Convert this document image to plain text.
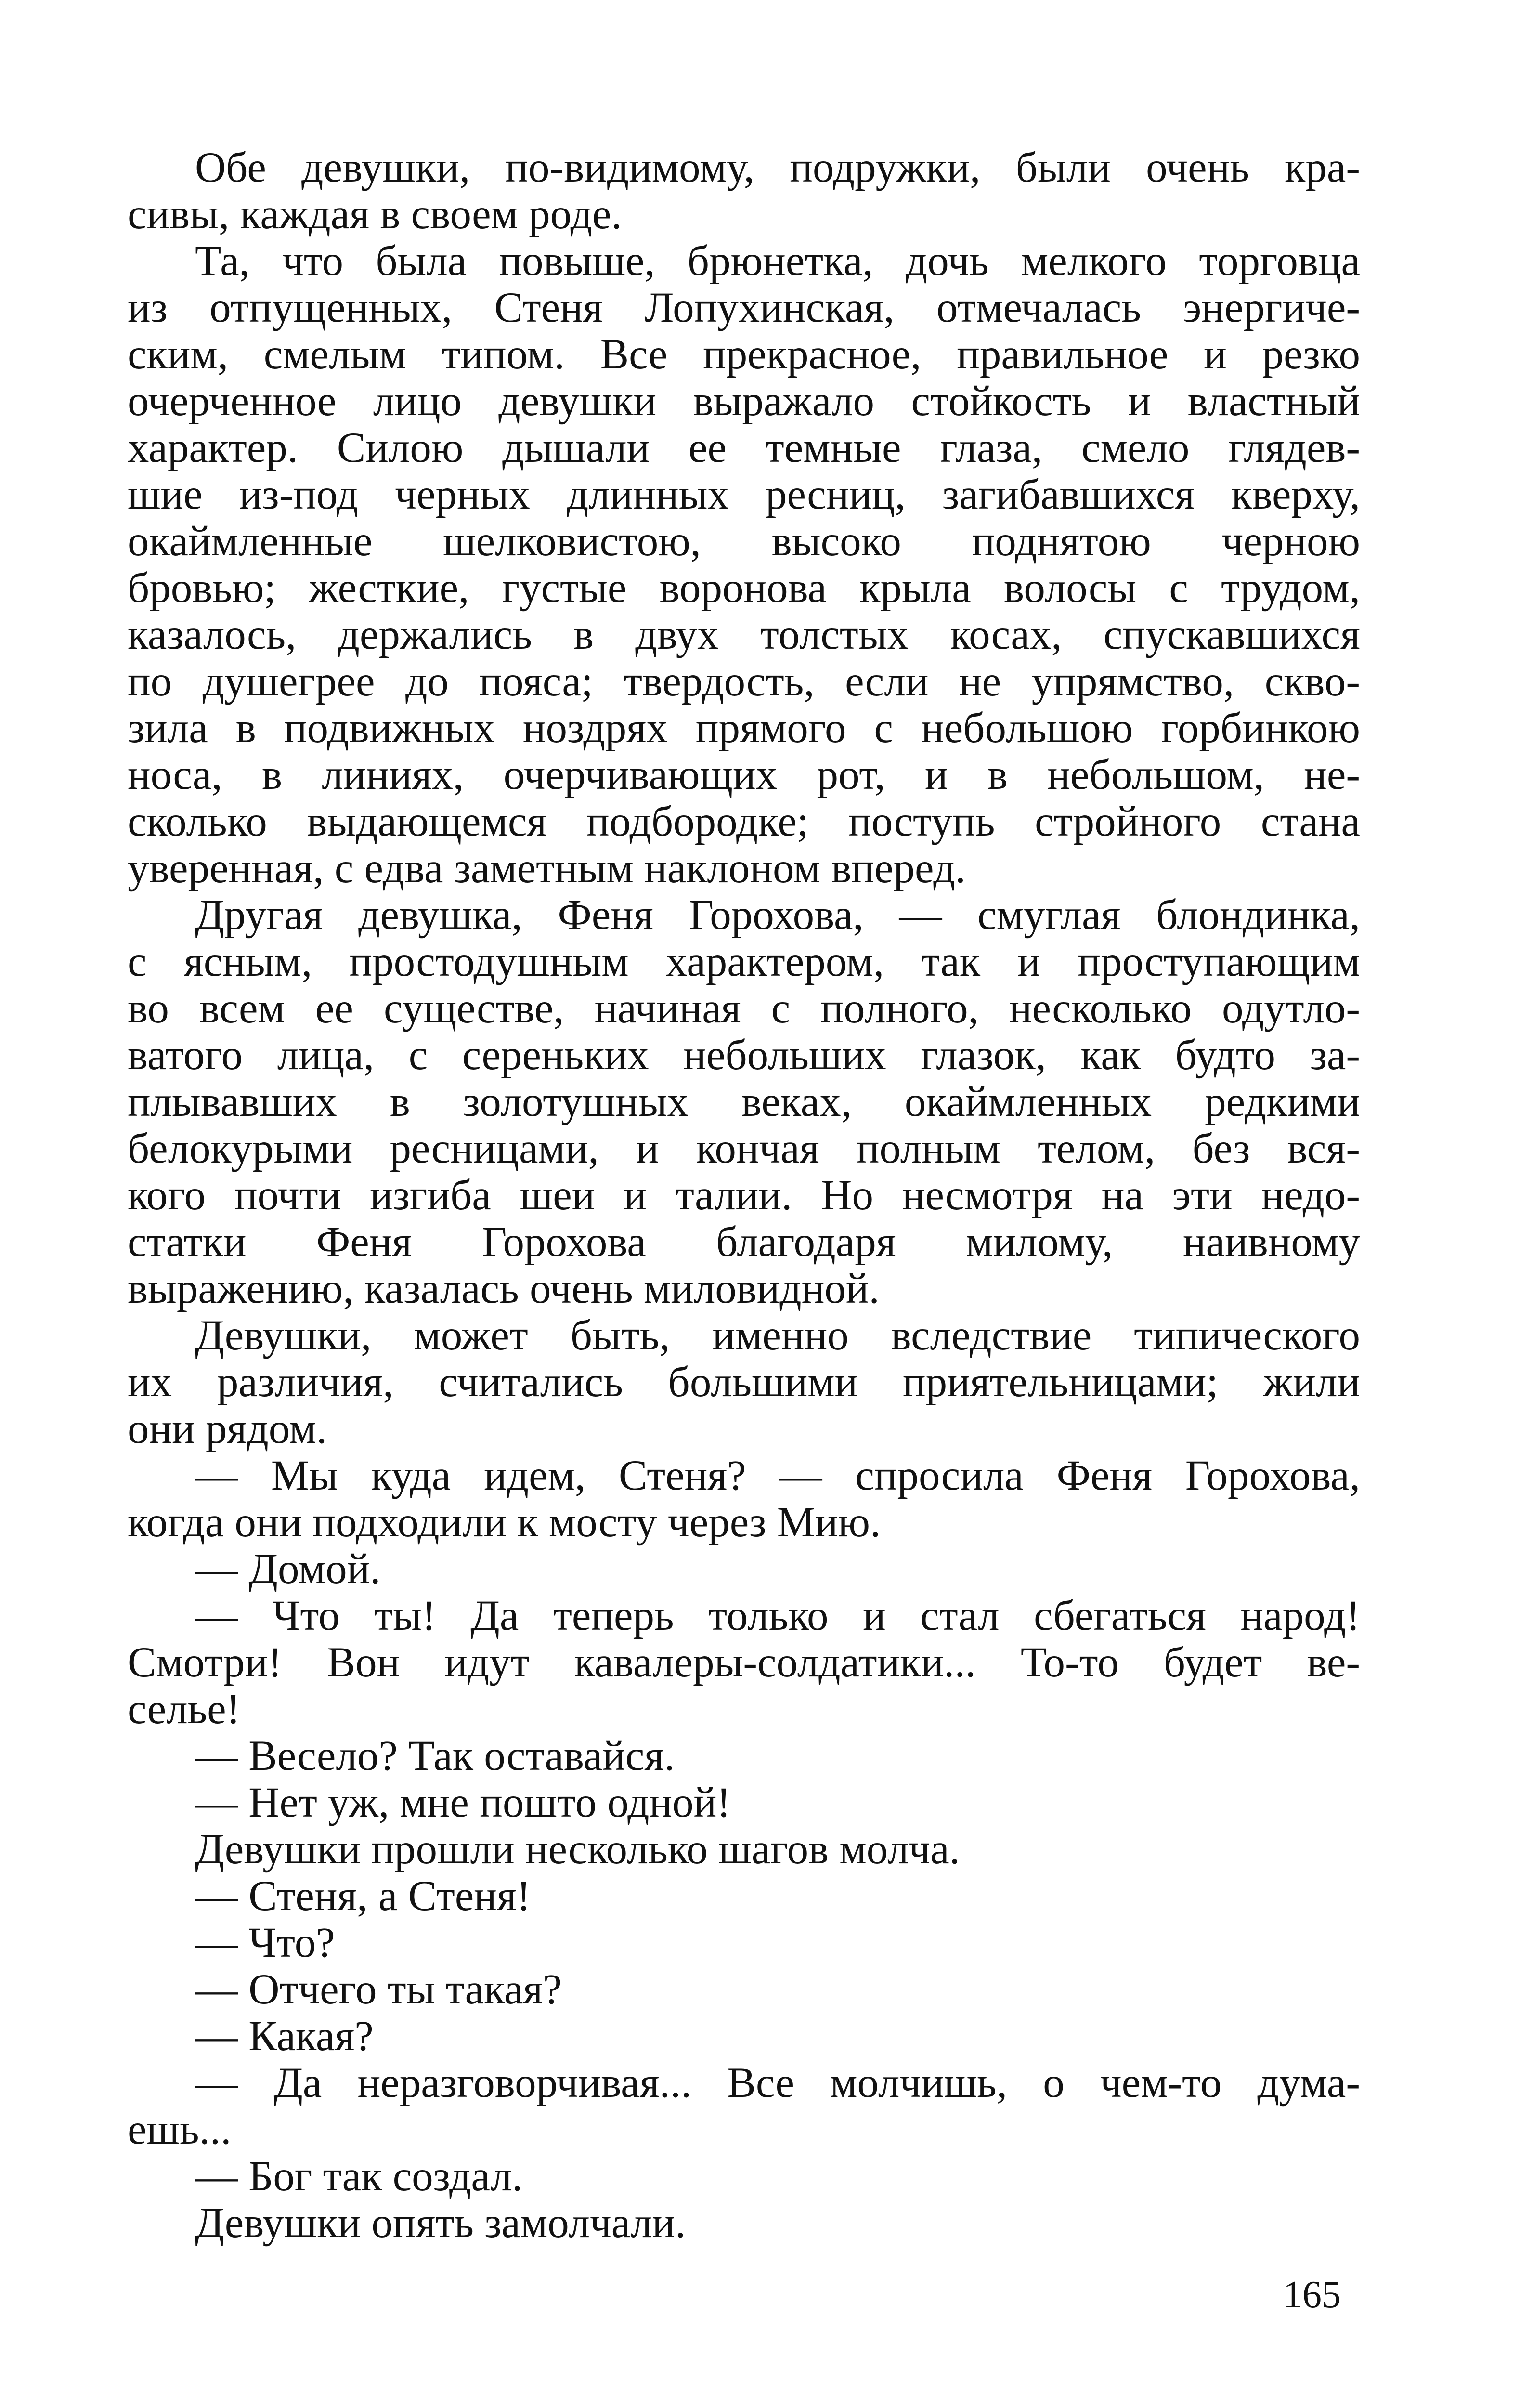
Обе девушки, по-видимому, подружки, были очень кра-
сивы, каждая в своем роде.
Та, что была повыше, брюнетка, дочь мелкого торговца
из отпущенных, Стеня Лопухинская, отмечалась энергиче-
ским, смелым типом. Все прекрасное, правильное и резко
очерченное лицо девушки выражало стойкость и властный
характер. Силою дышали ее темные глаза, смело глядев-
шие из-под черных длинных ресниц, загибавшихся кверху,
окаймленные шелковистою, высоко поднятою черною
бровью; жесткие, густые воронова крыла волосы с трудом,
казалось, держались в двух толстых косах, спускавшихся
по душегрее до пояса; твердость, если не упрямство, скво-
зила в подвижных ноздрях прямого с небольшою горбинкою
носа, в линиях, очерчивающих рот, и в небольшом, не-
сколько выдающемся подбородке; поступь стройного стана
уверенная, с едва заметным наклоном вперед.
Другая девушка, Феня Горохова, — смуглая блондинка,
с ясным, простодушным характером, так и проступающим
во всем ее существе, начиная с полного, несколько одутло-
ватого лица, с сереньких небольших глазок, как будто за-
плывавших в золотушных веках, окаймленных редкими
белокурыми ресницами, и кончая полным телом, без вся-
кого почти изгиба шеи и талии. Но несмотря на эти недо-
статки Феня Горохова благодаря милому, наивному
выражению, казалась очень миловидной.
Девушки, может быть, именно вследствие типического
их различия, считались большими приятельницами; жили
они рядом.
— Мы куда идем, Стеня? — спросила Феня Горохова,
когда они подходили к мосту через Мию.
— Домой.
— Что ты! Да теперь только и стал сбегаться народ!
Смотри! Вон идут кавалеры-солдатики... То-то будет ве-
селье!
— Весело? Так оставайся.
— Нет уж, мне пошто одной!
Девушки прошли несколько шагов молча.
— Стеня, а Стеня!
— Что?
— Отчего ты такая?
— Какая?
— Да неразговорчивая... Все молчишь, о чем-то дума-
ешь...
— Бог так создал.
Девушки опять замолчали.
165
